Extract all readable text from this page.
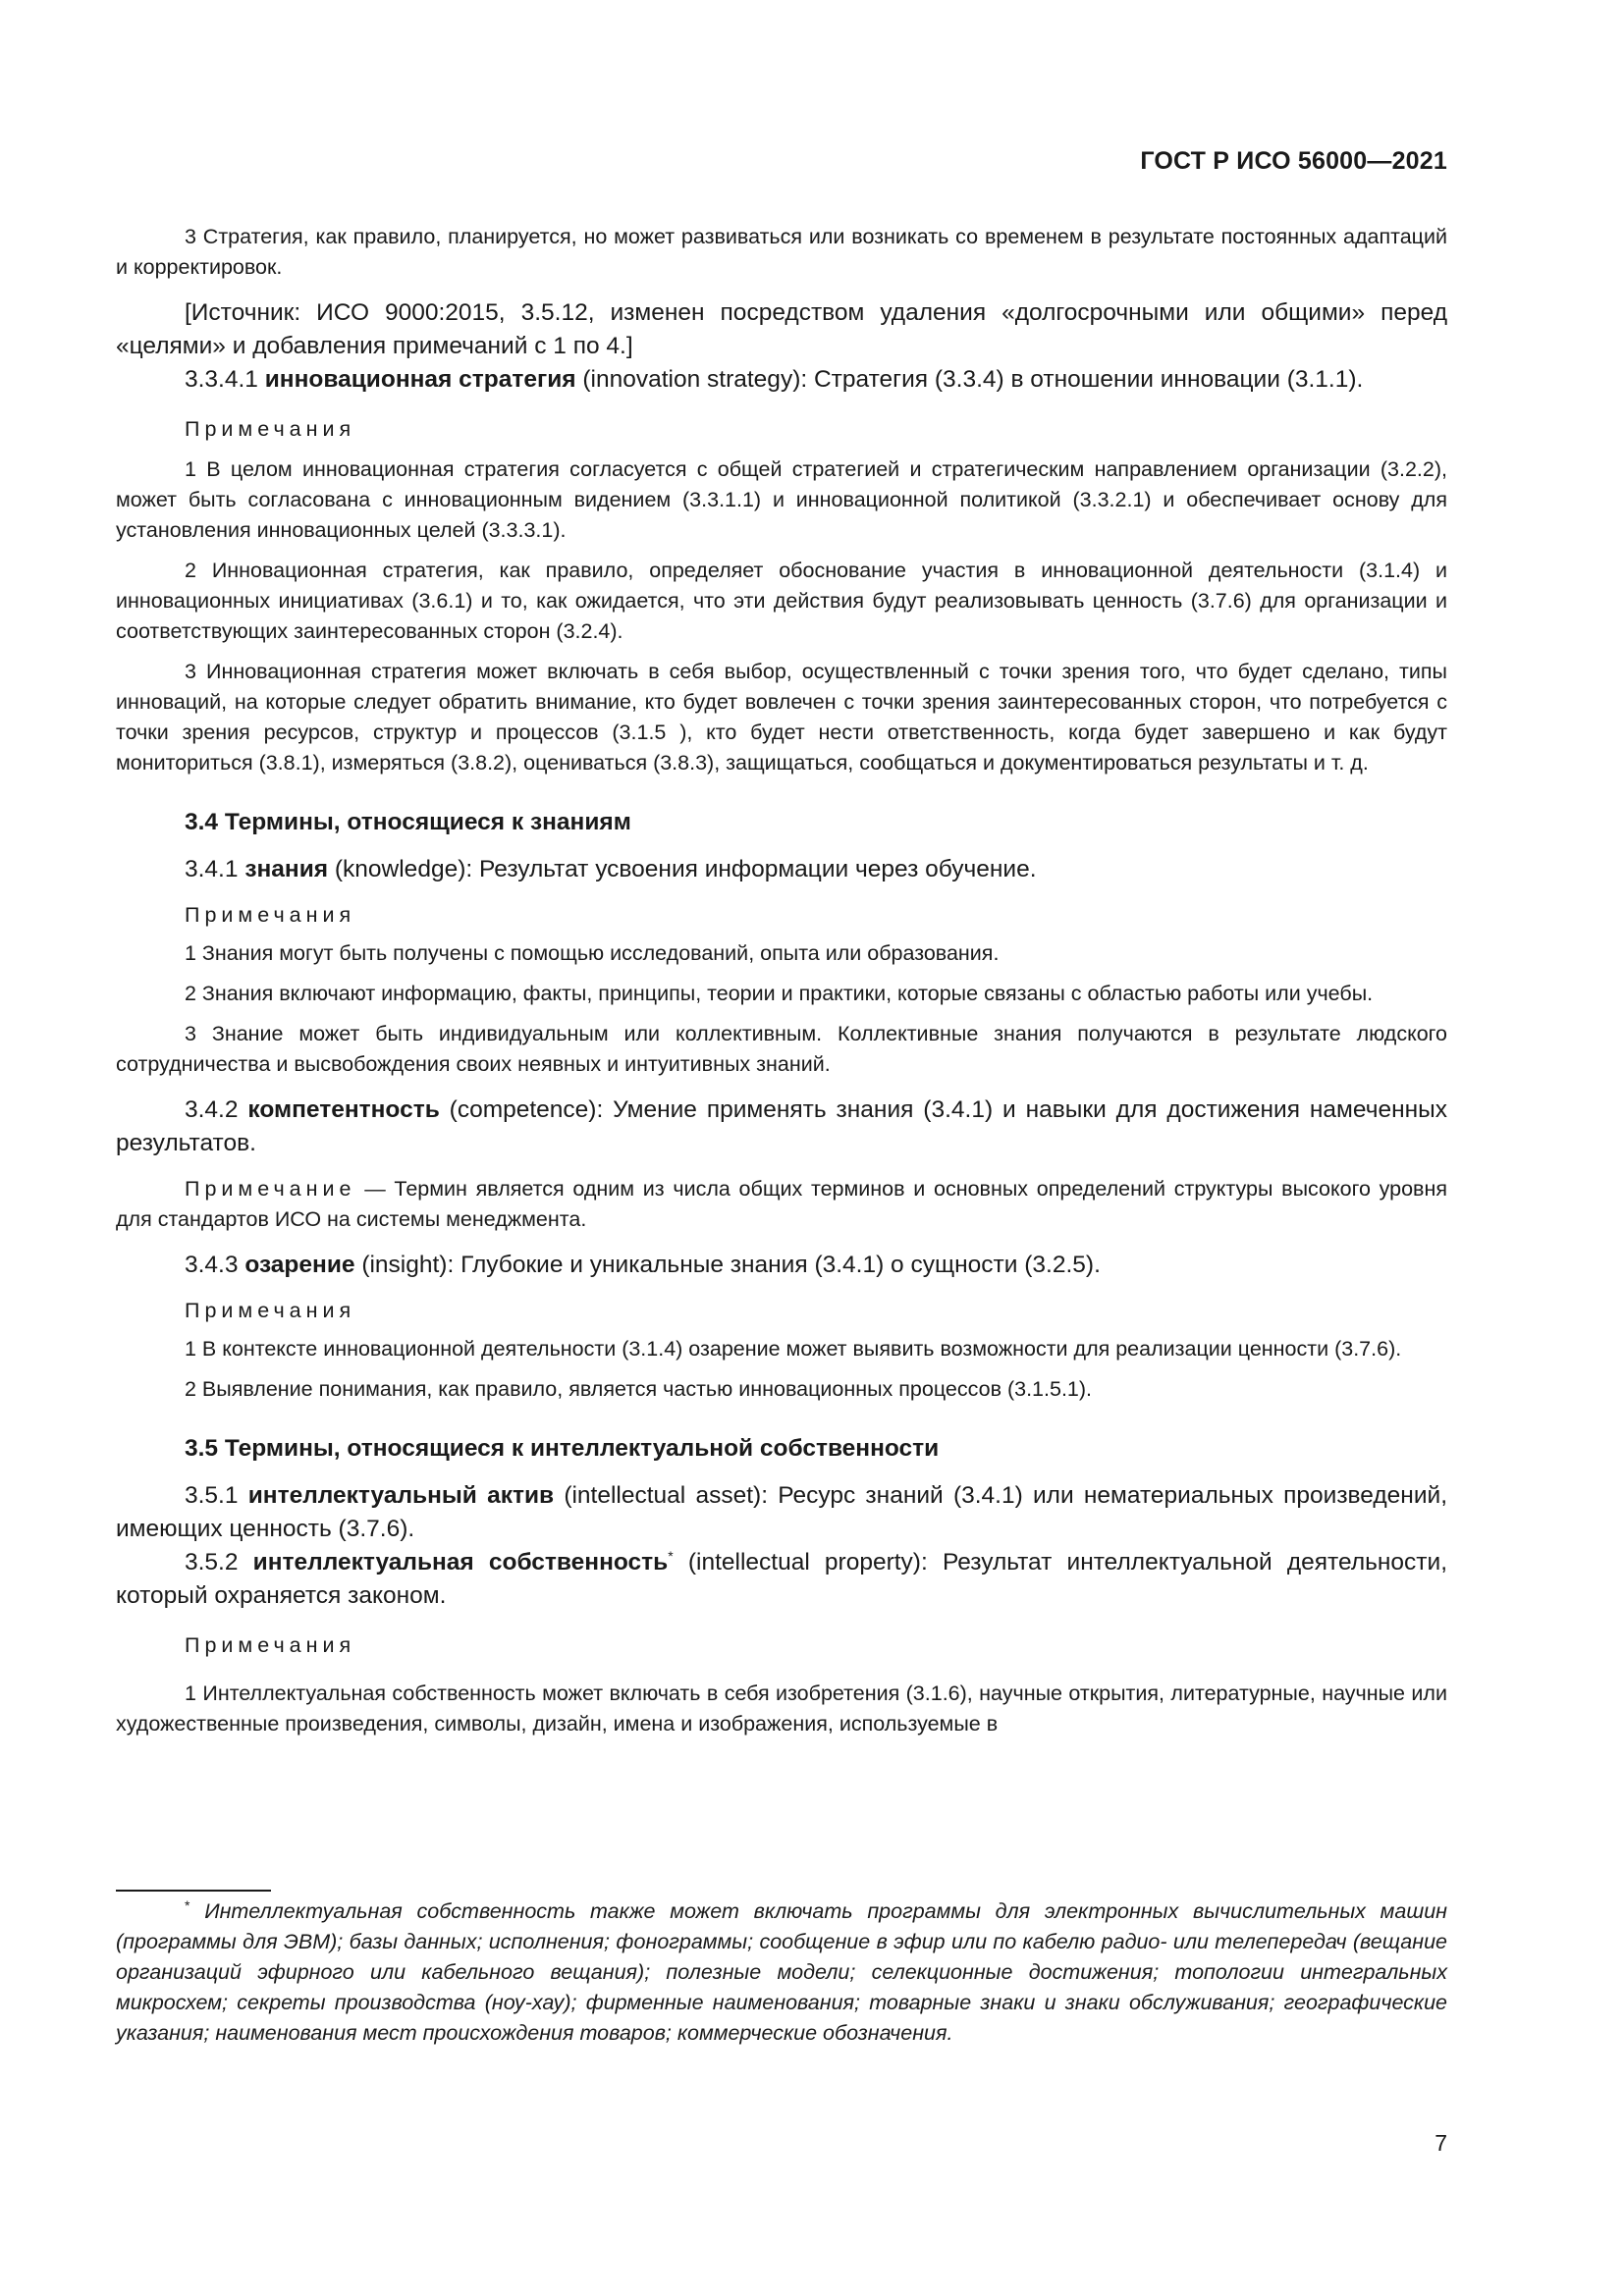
ГОСТ Р ИСО 56000—2021

3 Стратегия, как правило, планируется, но может развиваться или возникать со временем в результате постоянных адаптаций и корректировок.

[Источник: ИСО 9000:2015, 3.5.12, изменен посредством удаления «долгосрочными или общими» перед «целями» и добавления примечаний с 1 по 4.]

3.3.4.1 инновационная стратегия (innovation strategy): Стратегия (3.3.4) в отношении инновации (3.1.1).

Примечания

1 В целом инновационная стратегия согласуется с общей стратегией и стратегическим направлением организации (3.2.2), может быть согласована с инновационным видением (3.3.1.1) и инновационной политикой (3.3.2.1) и обеспечивает основу для установления инновационных целей (3.3.3.1).

2 Инновационная стратегия, как правило, определяет обоснование участия в инновационной деятельности (3.1.4) и инновационных инициативах (3.6.1) и то, как ожидается, что эти действия будут реализовывать ценность (3.7.6) для организации и соответствующих заинтересованных сторон (3.2.4).

3 Инновационная стратегия может включать в себя выбор, осуществленный с точки зрения того, что будет сделано, типы инноваций, на которые следует обратить внимание, кто будет вовлечен с точки зрения заинтересованных сторон, что потребуется с точки зрения ресурсов, структур и процессов (3.1.5 ), кто будет нести ответственность, когда будет завершено и как будут мониториться (3.8.1), измеряться (3.8.2), оцениваться (3.8.3), защищаться, сообщаться и документироваться результаты и т. д.

3.4 Термины, относящиеся к знаниям

3.4.1 знания (knowledge): Результат усвоения информации через обучение.

Примечания

1 Знания могут быть получены с помощью исследований, опыта или образования.

2 Знания включают информацию, факты, принципы, теории и практики, которые связаны с областью работы или учебы.

3 Знание может быть индивидуальным или коллективным. Коллективные знания получаются в результате людского сотрудничества и высвобождения своих неявных и интуитивных знаний.

3.4.2 компетентность (competence): Умение применять знания (3.4.1) и навыки для достижения намеченных результатов.

Примечание — Термин является одним из числа общих терминов и основных определений структуры высокого уровня для стандартов ИСО на системы менеджмента.

3.4.3 озарение (insight): Глубокие и уникальные знания (3.4.1) о сущности (3.2.5).

Примечания

1 В контексте инновационной деятельности (3.1.4) озарение может выявить возможности для реализации ценности (3.7.6).

2 Выявление понимания, как правило, является частью инновационных процессов (3.1.5.1).

3.5 Термины, относящиеся к интеллектуальной собственности

3.5.1 интеллектуальный актив (intellectual asset): Ресурс знаний (3.4.1) или нематериальных произведений, имеющих ценность (3.7.6).

3.5.2 интеллектуальная собственность* (intellectual property): Результат интеллектуальной деятельности, который охраняется законом.

Примечания

1 Интеллектуальная собственность может включать в себя изобретения (3.1.6), научные открытия, литературные, научные или художественные произведения, символы, дизайн, имена и изображения, используемые в

* Интеллектуальная собственность также может включать программы для электронных вычислительных машин (программы для ЭВМ); базы данных; исполнения; фонограммы; сообщение в эфир или по кабелю радио- или телепередач (вещание организаций эфирного или кабельного вещания); полезные модели; селекционные достижения; топологии интегральных микросхем; секреты производства (ноу-хау); фирменные наименования; товарные знаки и знаки обслуживания; географические указания; наименования мест происхождения товаров; коммерческие обозначения.

7
